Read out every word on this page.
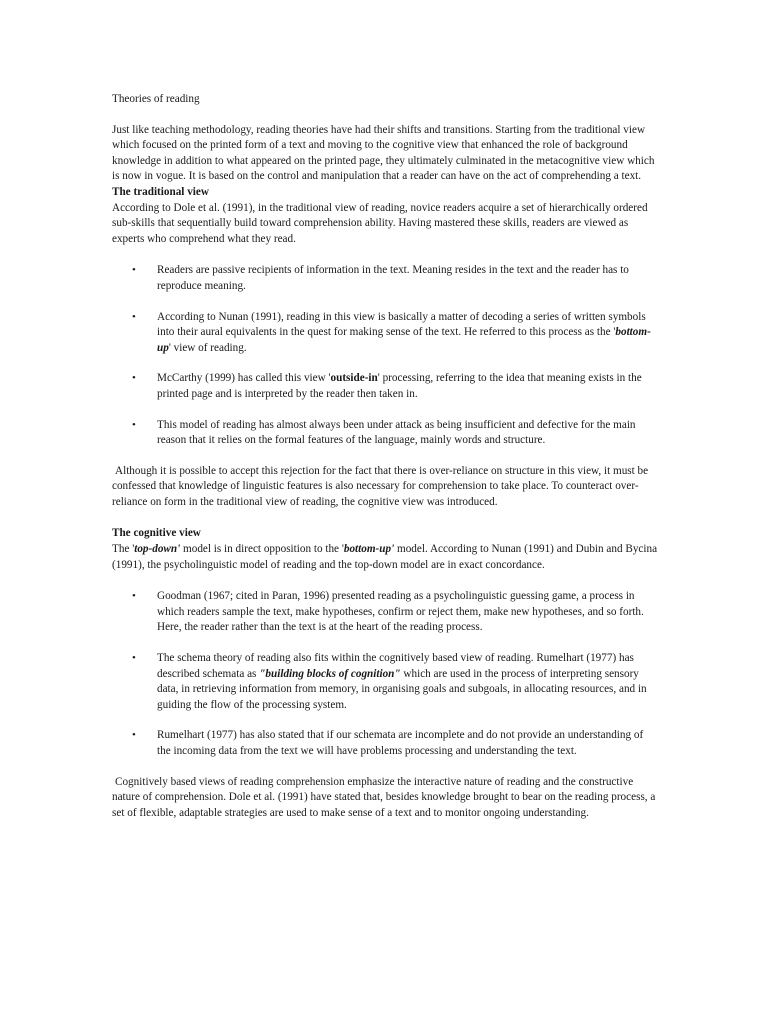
Theories of reading

Just like teaching methodology, reading theories have had their shifts and transitions. Starting from the traditional view which focused on the printed form of a text and moving to the cognitive view that enhanced the role of background knowledge in addition to what appeared on the printed page, they ultimately culminated in the metacognitive view which is now in vogue. It is based on the control and manipulation that a reader can have on the act of comprehending a text.

The traditional view

According to Dole et al. (1991), in the traditional view of reading, novice readers acquire a set of hierarchically ordered sub-skills that sequentially build toward comprehension ability. Having mastered these skills, readers are viewed as experts who comprehend what they read.

• Readers are passive recipients of information in the text. Meaning resides in the text and the reader has to reproduce meaning.
• According to Nunan (1991), reading in this view is basically a matter of decoding a series of written symbols into their aural equivalents in the quest for making sense of the text. He referred to this process as the 'bottom-up' view of reading.
• McCarthy (1999) has called this view 'outside-in' processing, referring to the idea that meaning exists in the printed page and is interpreted by the reader then taken in.
• This model of reading has almost always been under attack as being insufficient and defective for the main reason that it relies on the formal features of the language, mainly words and structure.

Although it is possible to accept this rejection for the fact that there is over-reliance on structure in this view, it must be confessed that knowledge of linguistic features is also necessary for comprehension to take place. To counteract over-reliance on form in the traditional view of reading, the cognitive view was introduced.

The cognitive view

The 'top-down' model is in direct opposition to the 'bottom-up' model. According to Nunan (1991) and Dubin and Bycina (1991), the psycholinguistic model of reading and the top-down model are in exact concordance.

• Goodman (1967; cited in Paran, 1996) presented reading as a psycholinguistic guessing game, a process in which readers sample the text, make hypotheses, confirm or reject them, make new hypotheses, and so forth. Here, the reader rather than the text is at the heart of the reading process.
• The schema theory of reading also fits within the cognitively based view of reading. Rumelhart (1977) has described schemata as "building blocks of cognition" which are used in the process of interpreting sensory data, in retrieving information from memory, in organising goals and subgoals, in allocating resources, and in guiding the flow of the processing system.
• Rumelhart (1977) has also stated that if our schemata are incomplete and do not provide an understanding of the incoming data from the text we will have problems processing and understanding the text.

Cognitively based views of reading comprehension emphasize the interactive nature of reading and the constructive nature of comprehension. Dole et al. (1991) have stated that, besides knowledge brought to bear on the reading process, a set of flexible, adaptable strategies are used to make sense of a text and to monitor ongoing understanding.
